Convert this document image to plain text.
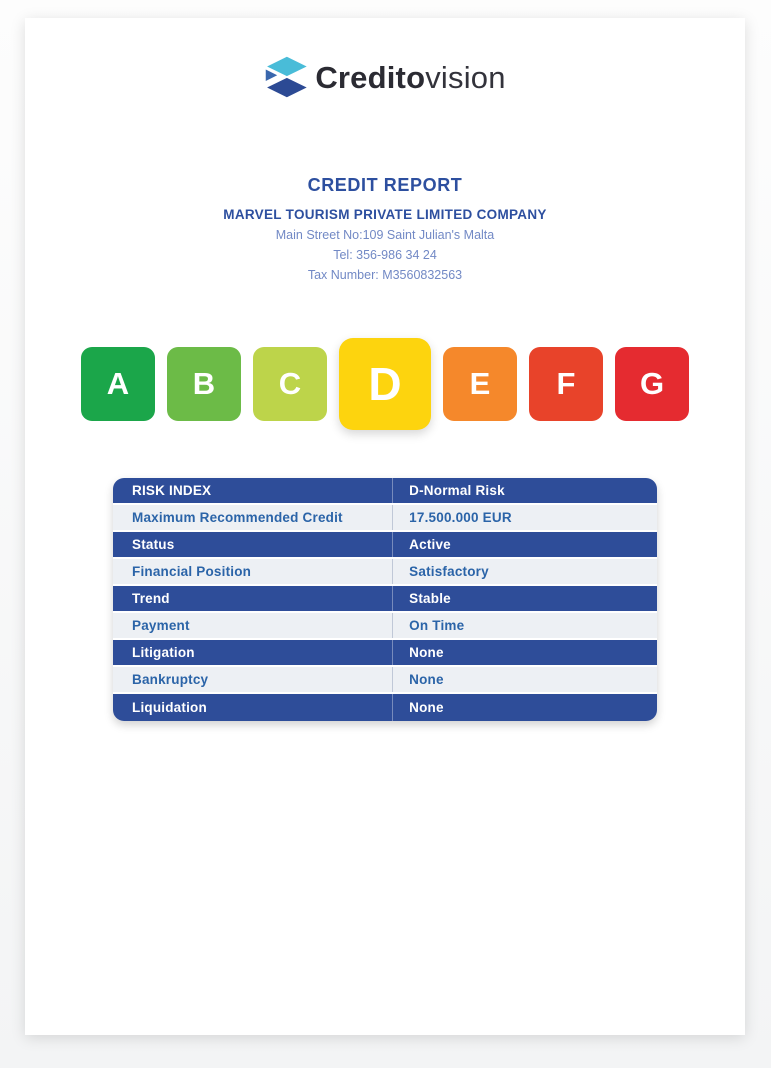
Creditovision
CREDIT REPORT
MARVEL TOURISM PRIVATE LIMITED COMPANY
Main Street No:109 Saint Julian's Malta
Tel: 356-986 34 24
Tax Number: M3560832563
A	B	C	D	E	F	G
RISK INDEX	D-Normal Risk
Maximum Recommended Credit	17.500.000 EUR
Status	Active
Financial Position	Satisfactory
Trend	Stable
Payment	On Time
Litigation	None
Bankruptcy	None
Liquidation	None
